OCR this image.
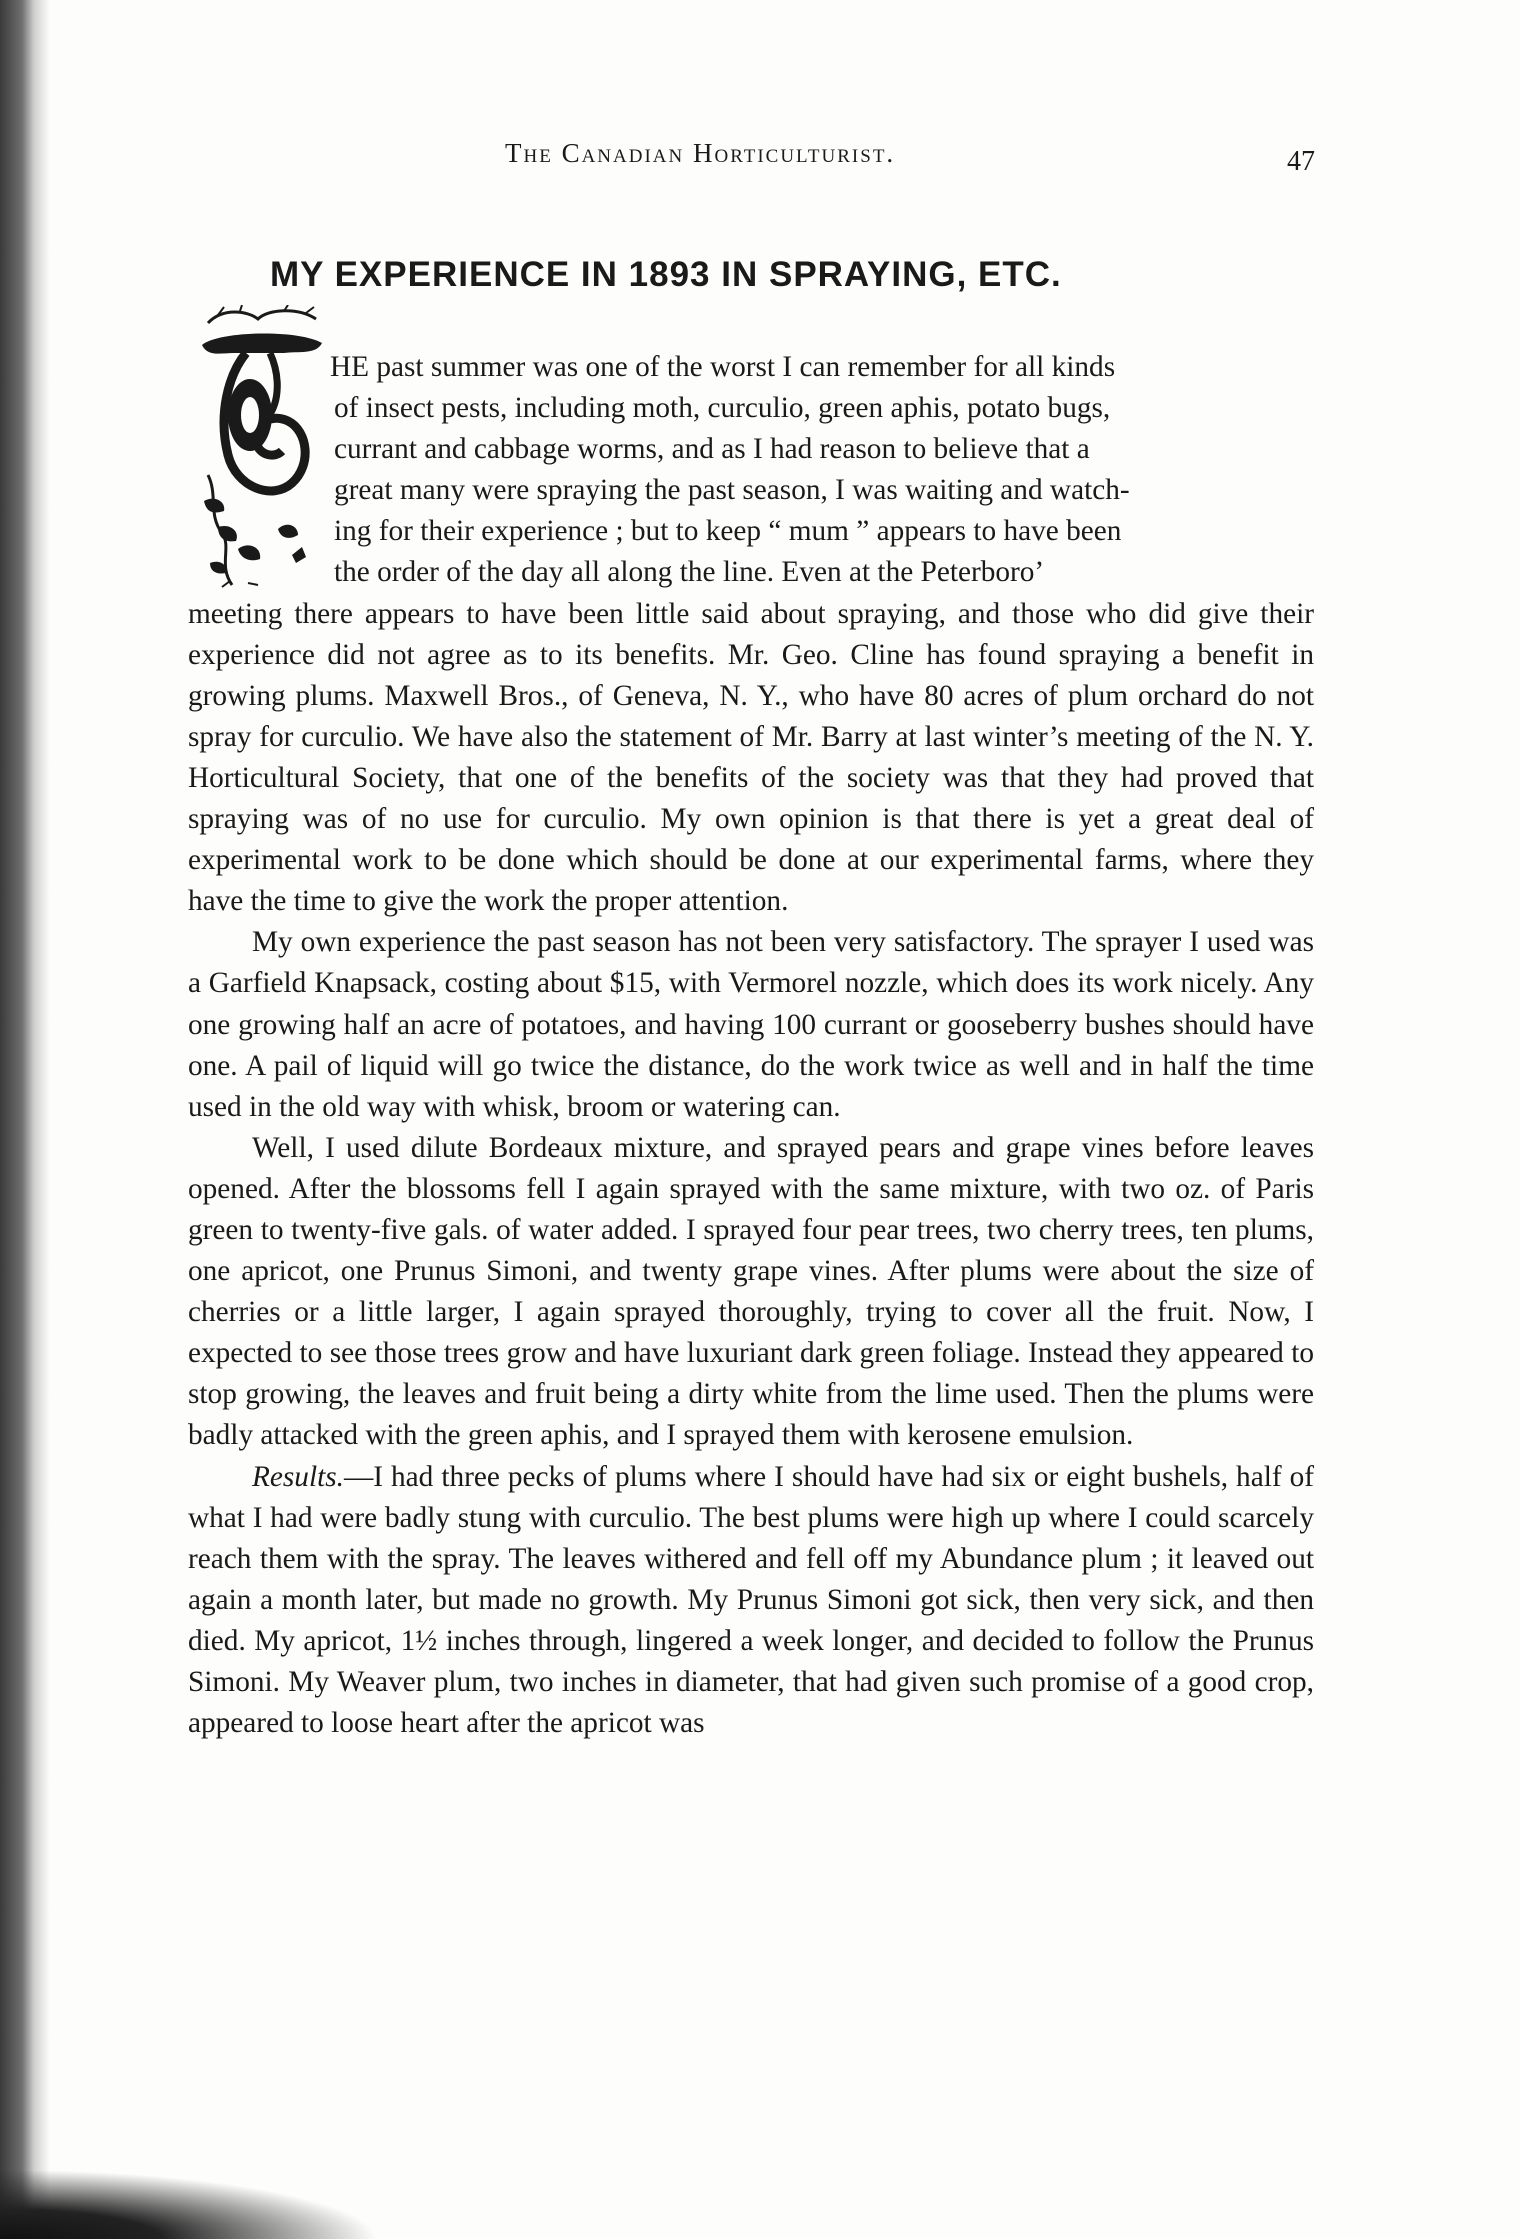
The Canadian Horticulturist.	47
MY EXPERIENCE IN 1893 IN SPRAYING, ETC.

HE past summer was one of the worst I can remember for all kinds
of insect pests, including moth, curculio, green aphis, potato bugs,
currant and cabbage worms, and as I had reason to believe that a
great many were spraying the past season, I was waiting and watch-
ing for their experience ; but to keep “ mum ” appears to have been
the order of the day all along the line. Even at the Peterboro’
meeting there appears to have been little said about spraying, and those who did give their experience did not agree as to its benefits. Mr. Geo. Cline has found spraying a benefit in growing plums. Maxwell Bros., of Geneva, N. Y., who have 80 acres of plum orchard do not spray for curculio. We have also the statement of Mr. Barry at last winter’s meeting of the N. Y. Horticultural Society, that one of the benefits of the society was that they had proved that spraying was of no use for curculio. My own opinion is that there is yet a great deal of experimental work to be done which should be done at our experimental farms, where they have the time to give the work the proper attention.

My own experience the past season has not been very satisfactory. The sprayer I used was a Garfield Knapsack, costing about $15, with Vermorel nozzle, which does its work nicely. Any one growing half an acre of potatoes, and having 100 currant or gooseberry bushes should have one. A pail of liquid will go twice the distance, do the work twice as well and in half the time used in the old way with whisk, broom or watering can.

Well, I used dilute Bordeaux mixture, and sprayed pears and grape vines before leaves opened. After the blossoms fell I again sprayed with the same mixture, with two oz. of Paris green to twenty-five gals. of water added. I sprayed four pear trees, two cherry trees, ten plums, one apricot, one Prunus Simoni, and twenty grape vines. After plums were about the size of cherries or a little larger, I again sprayed thoroughly, trying to cover all the fruit. Now, I expected to see those trees grow and have luxuriant dark green foliage. Instead they appeared to stop growing, the leaves and fruit being a dirty white from the lime used. Then the plums were badly attacked with the green aphis, and I sprayed them with kerosene emulsion.

Results.—I had three pecks of plums where I should have had six or eight bushels, half of what I had were badly stung with curculio. The best plums were high up where I could scarcely reach them with the spray. The leaves withered and fell off my Abundance plum ; it leaved out again a month later, but made no growth. My Prunus Simoni got sick, then very sick, and then died. My apricot, 1½ inches through, lingered a week longer, and decided to follow the Prunus Simoni. My Weaver plum, two inches in diameter, that had given such promise of a good crop, appeared to loose heart after the apricot was
